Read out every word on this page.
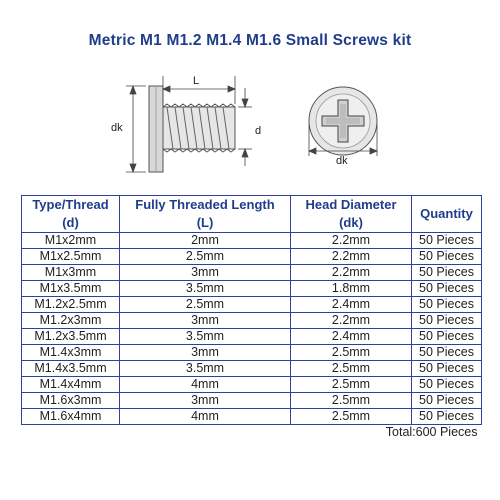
Metric M1 M1.2 M1.4 M1.6 Small Screws kit
L
dk	d
dk
Type/Thread	Fully Threaded Length	Head Diameter	Quantity
(d)	(L)	(dk)	
M1x2mm	2mm	2.2mm	50 Pieces
M1x2.5mm	2.5mm	2.2mm	50 Pieces
M1x3mm	3mm	2.2mm	50 Pieces
M1x3.5mm	3.5mm	1.8mm	50 Pieces
M1.2x2.5mm	2.5mm	2.4mm	50 Pieces
M1.2x3mm	3mm	2.2mm	50 Pieces
M1.2x3.5mm	3.5mm	2.4mm	50 Pieces
M1.4x3mm	3mm	2.5mm	50 Pieces
M1.4x3.5mm	3.5mm	2.5mm	50 Pieces
M1.4x4mm	4mm	2.5mm	50 Pieces
M1.6x3mm	3mm	2.5mm	50 Pieces
M1.6x4mm	4mm	2.5mm	50 Pieces
	Total:600 Pieces		
